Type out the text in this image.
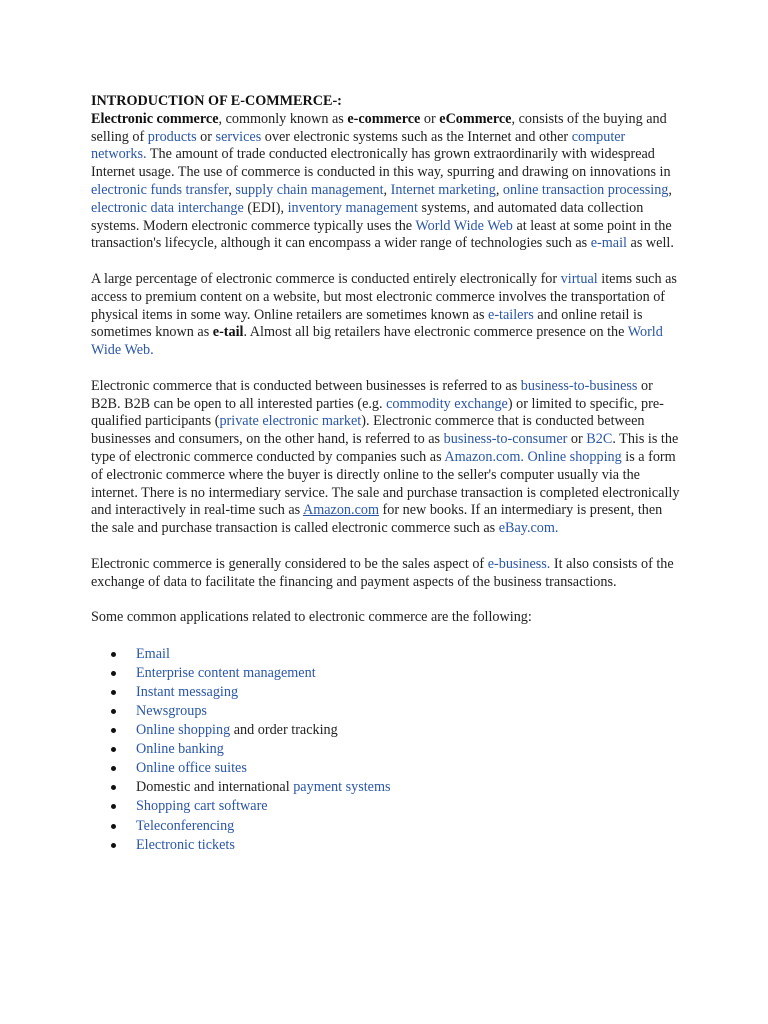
INTRODUCTION OF E-COMMERCE-:

Electronic commerce, commonly known as e-commerce or eCommerce, consists of the buying and selling of products or services over electronic systems such as the Internet and other computer networks. The amount of trade conducted electronically has grown extraordinarily with widespread Internet usage. The use of commerce is conducted in this way, spurring and drawing on innovations in electronic funds transfer, supply chain management, Internet marketing, online transaction processing, electronic data interchange (EDI), inventory management systems, and automated data collection systems. Modern electronic commerce typically uses the World Wide Web at least at some point in the transaction's lifecycle, although it can encompass a wider range of technologies such as e-mail as well.

A large percentage of electronic commerce is conducted entirely electronically for virtual items such as access to premium content on a website, but most electronic commerce involves the transportation of physical items in some way. Online retailers are sometimes known as e-tailers and online retail is sometimes known as e-tail. Almost all big retailers have electronic commerce presence on the World Wide Web.

Electronic commerce that is conducted between businesses is referred to as business-to-business or B2B. B2B can be open to all interested parties (e.g. commodity exchange) or limited to specific, pre-qualified participants (private electronic market). Electronic commerce that is conducted between businesses and consumers, on the other hand, is referred to as business-to-consumer or B2C. This is the type of electronic commerce conducted by companies such as Amazon.com. Online shopping is a form of electronic commerce where the buyer is directly online to the seller's computer usually via the internet. There is no intermediary service. The sale and purchase transaction is completed electronically and interactively in real-time such as Amazon.com for new books. If an intermediary is present, then the sale and purchase transaction is called electronic commerce such as eBay.com.

Electronic commerce is generally considered to be the sales aspect of e-business. It also consists of the exchange of data to facilitate the financing and payment aspects of the business transactions.

Some common applications related to electronic commerce are the following:

Email
Enterprise content management
Instant messaging
Newsgroups
Online shopping and order tracking
Online banking
Online office suites
Domestic and international payment systems
Shopping cart software
Teleconferencing
Electronic tickets
